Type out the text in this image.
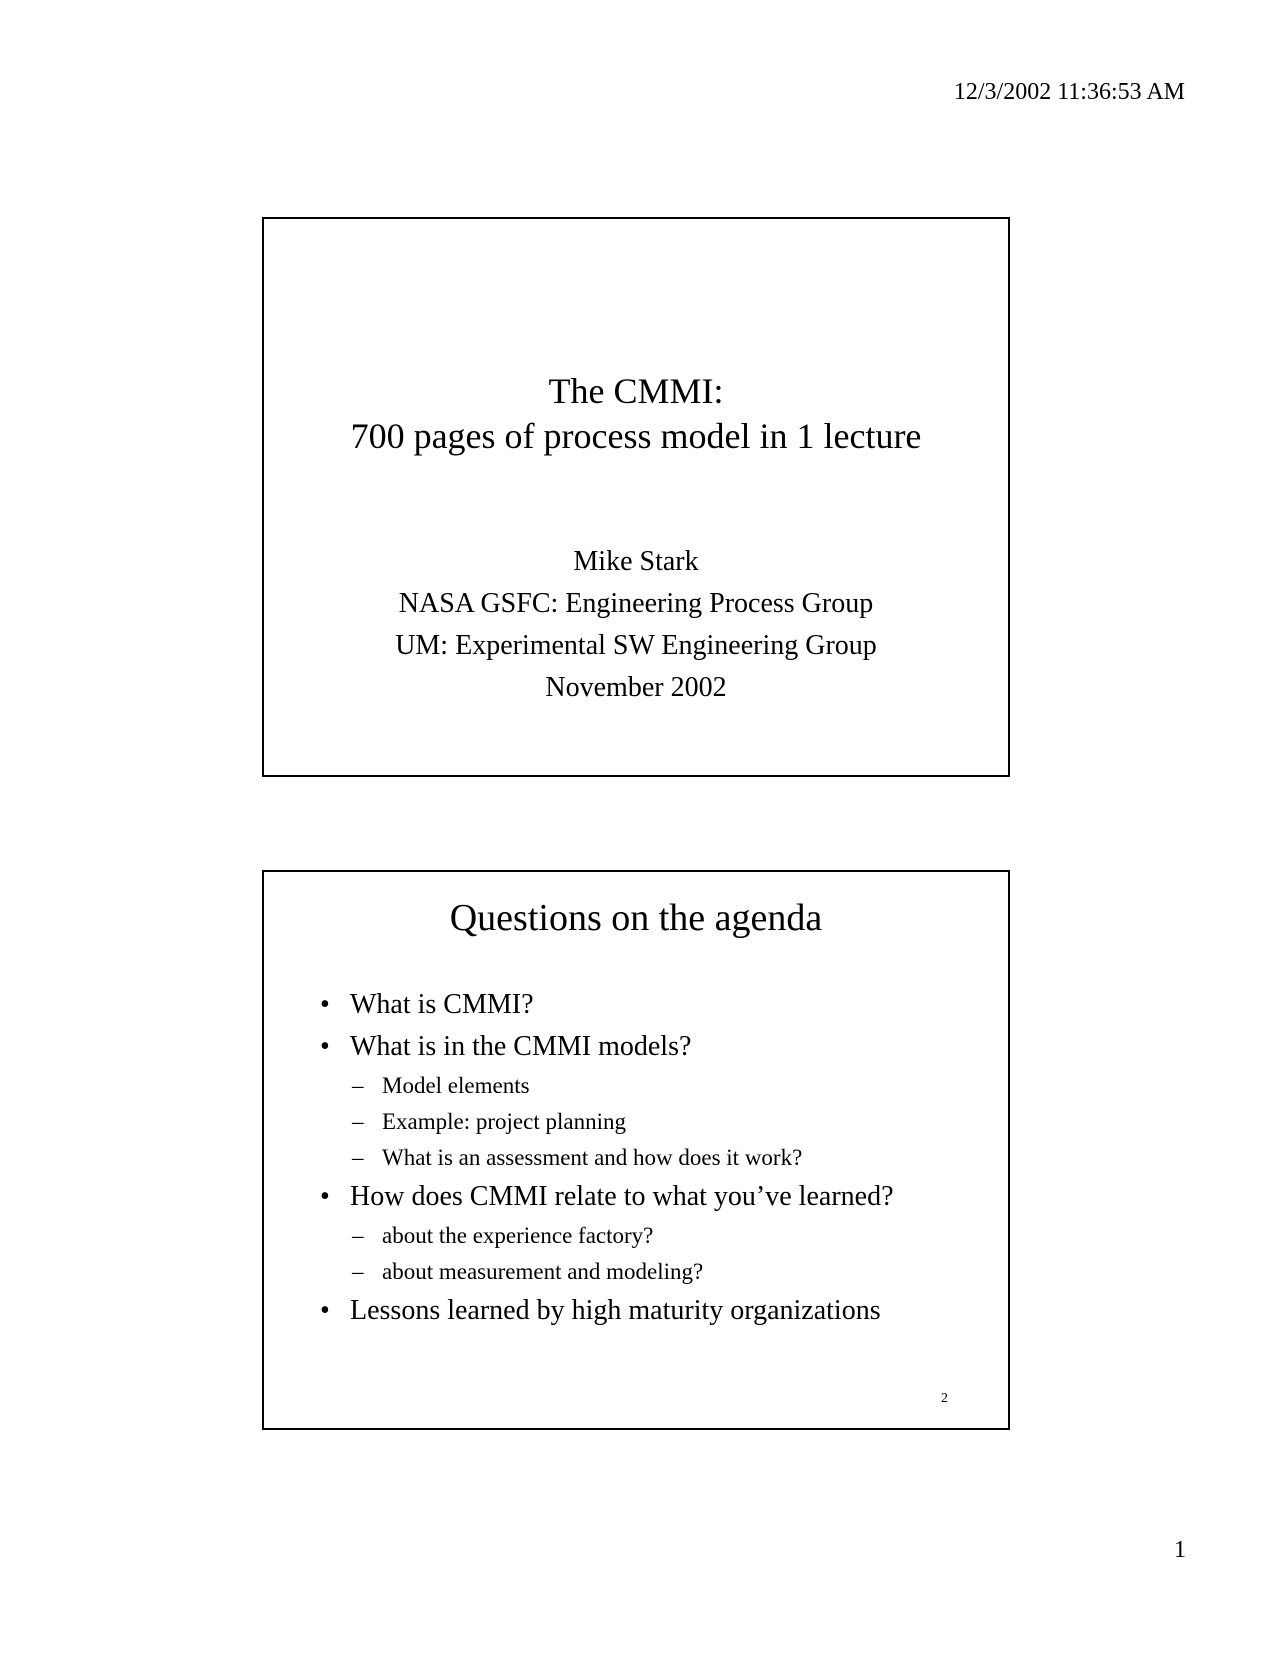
12/3/2002 11:36:53 AM
The CMMI:
700 pages of process model in 1 lecture
Mike Stark
NASA GSFC: Engineering Process Group
UM: Experimental SW Engineering Group
November 2002
Questions on the agenda
• What is CMMI?
• What is in the CMMI models?
– Model elements
– Example: project planning
– What is an assessment and how does it work?
• How does CMMI relate to what you’ve learned?
– about the experience factory?
– about measurement and modeling?
• Lessons learned by high maturity organizations
2
1
